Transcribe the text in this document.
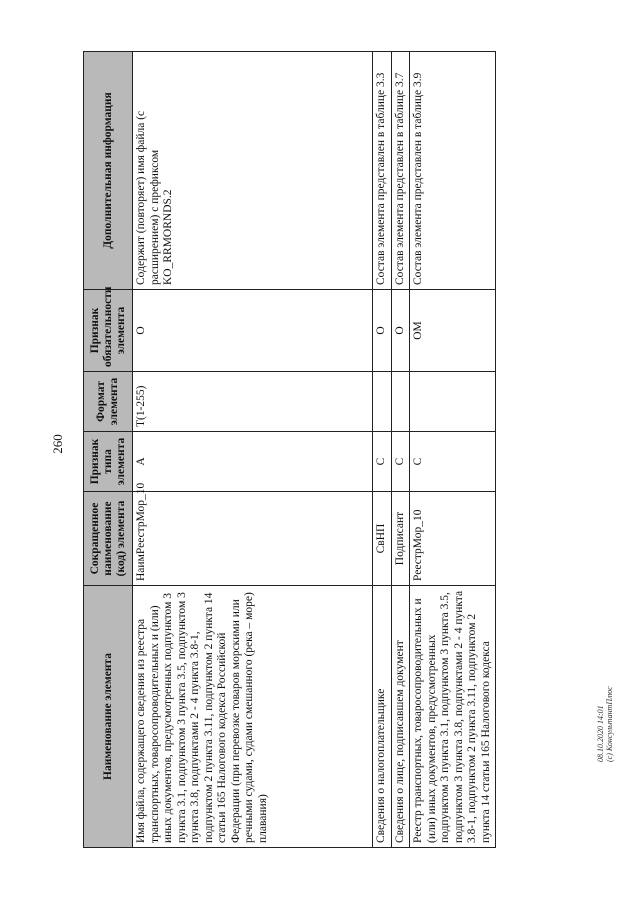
260
08.10.2020 14:01 (c) КонсультантПлюс
Наименование элемента	Сокращенное наименование (код) элемента	Признак типа элемента	Формат элемента	Признак обязательности элемента	Дополнительная информация
Имя файла, содержащего сведения из реестра транспортных, товаросопроводительных и (или) иных документов, предусмотренных подпунктом 3 пункта 3.1, подпунктом 3 пункта 3.5, подпунктом 3 пункта 3.8, подпунктами 2 - 4 пункта 3.8-1, подпунктом 2 пункта 3.11, подпунктом 2 пункта 14 статьи 165 Налогового кодекса Российской Федерации (при перевозке товаров морскими или речными судами, судами смешанного (река – море) плавания)	НаимРеестрМор_10	А	T(1-255)	О	Содержит (повторяет) имя файла (с расширением) с префиксом KO_RRMORNDS.2
Сведения о налогоплательщике	СвНП	С		О	Состав элемента представлен в таблице 3.3
Сведения о лице, подписавшем документ	Подписант	С		О	Состав элемента представлен в таблице 3.7
Реестр транспортных, товаросопроводительных и (или) иных документов, предусмотренных подпунктом 3 пункта 3.1, подпунктом 3 пункта 3.5, подпунктом 3 пункта 3.8, подпунктами 2 - 4 пункта 3.8-1, подпунктом 2 пункта 3.11, подпунктом 2 пункта 14 статьи 165 Налогового кодекса	РеестрМор_10	С		ОМ	Состав элемента представлен в таблице 3.9
